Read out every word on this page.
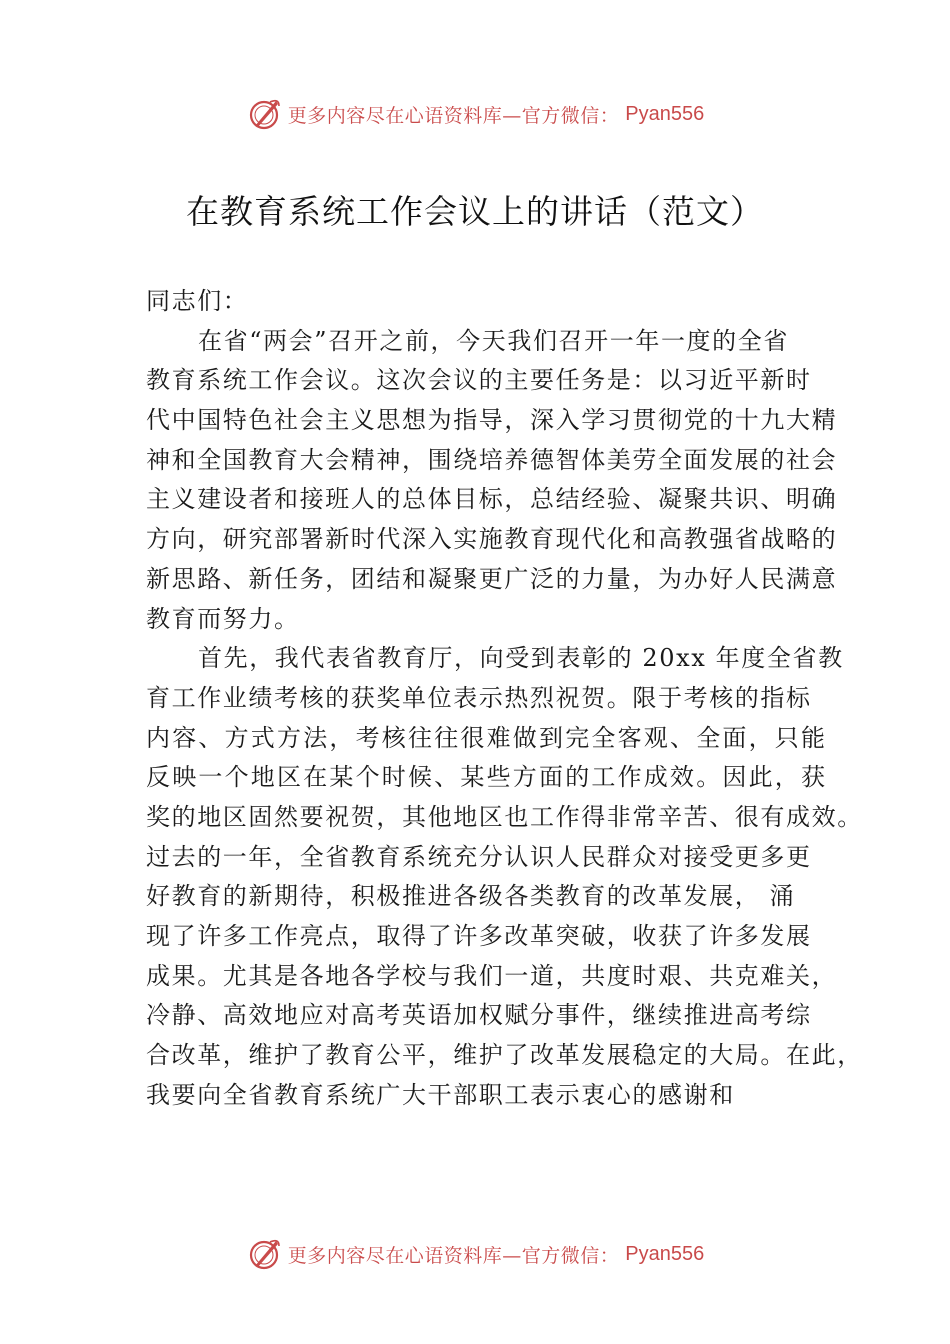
更多内容尽在心语资料库—官方微信： Pyan556
在教育系统工作会议上的讲话（范文）
同志们：
在省“两会”召开之前，今天我们召开一年一度的全省
教育系统工作会议。这次会议的主要任务是：以习近平新时
代中国特色社会主义思想为指导，深入学习贯彻党的十九大精
神和全国教育大会精神，围绕培养德智体美劳全面发展的社会
主义建设者和接班人的总体目标，总结经验、凝聚共识、明确
方向，研究部署新时代深入实施教育现代化和高教强省战略的
新思路、新任务，团结和凝聚更广泛的力量，为办好人民满意
教育而努力。
首先，我代表省教育厅，向受到表彰的 20xx 年度全省教
育工作业绩考核的获奖单位表示热烈祝贺。限于考核的指标
内容、方式方法，考核往往很难做到完全客观、全面，只能
反映一个地区在某个时候、某些方面的工作成效。因此，获
奖的地区固然要祝贺，其他地区也工作得非常辛苦、很有成效。
过去的一年，全省教育系统充分认识人民群众对接受更多更
好教育的新期待，积极推进各级各类教育的改革发展， 涌
现了许多工作亮点，取得了许多改革突破，收获了许多发展
成果。尤其是各地各学校与我们一道，共度时艰、共克难关，
冷静、高效地应对高考英语加权赋分事件，继续推进高考综
合改革，维护了教育公平，维护了改革发展稳定的大局。在此，
我要向全省教育系统广大干部职工表示衷心的感谢和
更多内容尽在心语资料库—官方微信： Pyan556
